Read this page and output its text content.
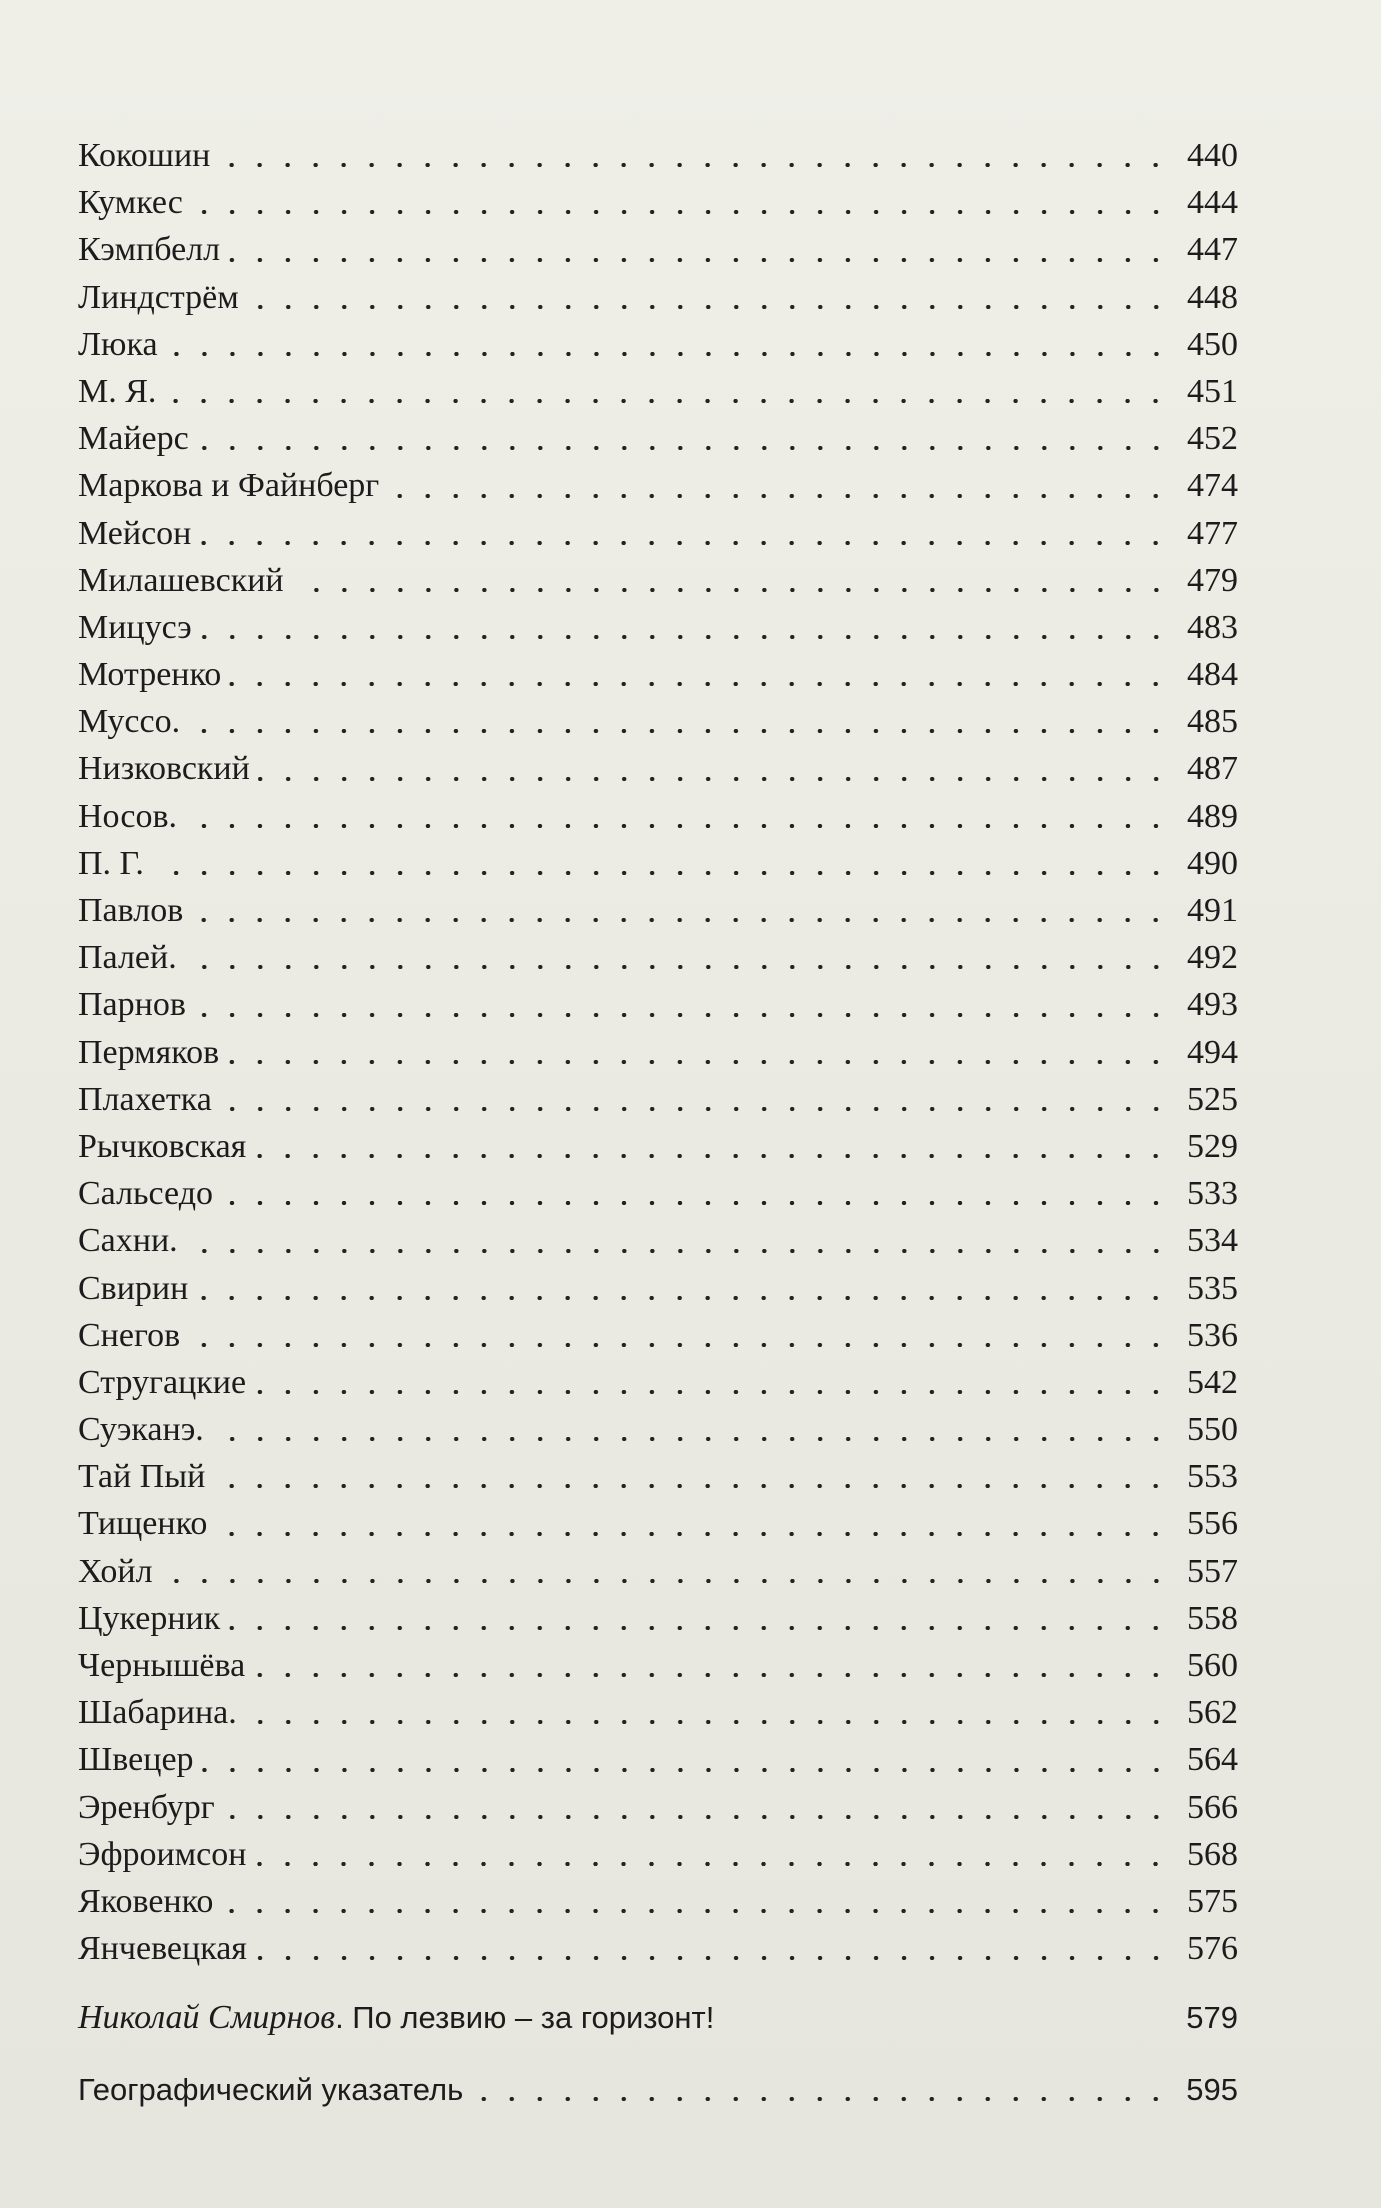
Кокошин	440
Кумкес	444
Кэмпбелл	447
Линдстрём	448
Люка	450
М. Я.	451
Майерс	452
Маркова и Файнберг	474
Мейсон	477
Милашевский	479
Мицусэ	483
Мотренко	484
Муссо.	485
Низковский	487
Носов.	489
П. Г.	490
Павлов	491
Палей.	492
Парнов	493
Пермяков	494
Плахетка	525
Рычковская	529
Сальседо	533
Сахни.	534
Свирин	535
Снегов	536
Стругацкие	542
Суэканэ.	550
Тай Пый	553
Тищенко	556
Хойл	557
Цукерник	558
Чернышёва	560
Шабарина.	562
Швецер	564
Эренбург	566
Эфроимсон	568
Яковенко	575
Янчевецкая	576
Николай Смирнов. По лезвию – за горизонт!	579
Географический указатель	595
